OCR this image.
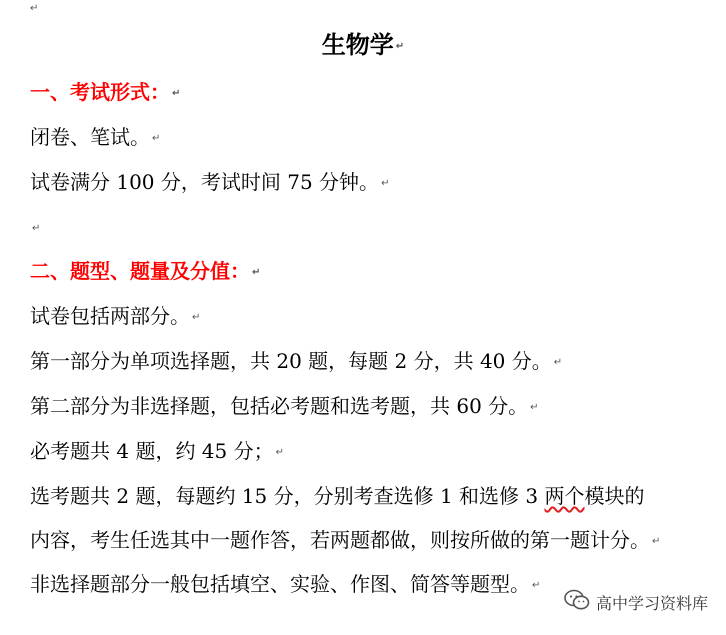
↵
生物学 ↵
一、考试形式： ↵
闭卷、笔试。 ↵
试卷满分 100 分，考试时间 75 分钟。 ↵
↵
二、题型、题量及分值： ↵
试卷包括两部分。 ↵
第一部分为单项选择题，共 20 题，每题 2 分，共 40 分。 ↵
第二部分为非选择题，包括必考题和选考题，共 60 分。 ↵
必考题共 4 题，约 45 分； ↵
选考题共 2 题，每题约 15 分，分别考查选修 1 和选修 3 两个模块的
内容，考生任选其中一题作答，若两题都做，则按所做的第一题计分。 ↵
非选择题部分一般包括填空、实验、作图、简答等题型。 ↵
高中学习资料库
